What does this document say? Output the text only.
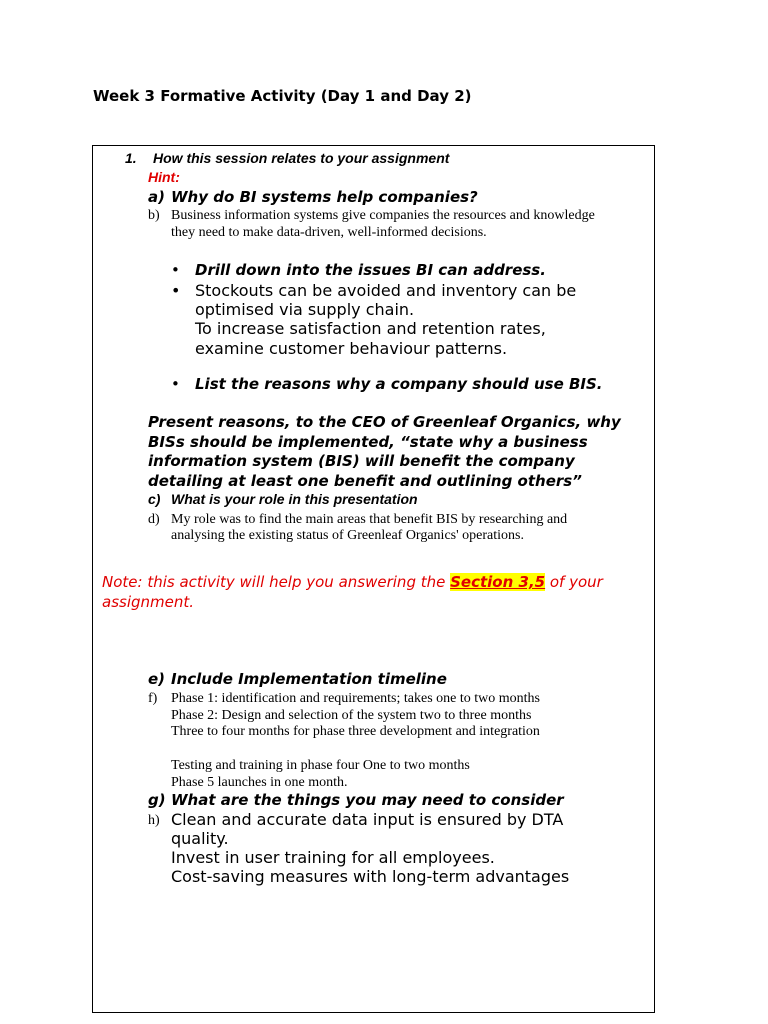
Week 3 Formative Activity (Day 1 and Day 2)
1. How this session relates to your assignment
Hint:
a) Why do BI systems help companies?
b) Business information systems give companies the resources and knowledge
they need to make data-driven, well-informed decisions.
• Drill down into the issues BI can address.
• Stockouts can be avoided and inventory can be
optimised via supply chain.
To increase satisfaction and retention rates,
examine customer behaviour patterns.
• List the reasons why a company should use BIS.
Present reasons, to the CEO of Greenleaf Organics, why
BISs should be implemented, “state why a business
information system (BIS) will benefit the company
detailing at least one benefit and outlining others”
c) What is your role in this presentation
d) My role was to find the main areas that benefit BIS by researching and
analysing the existing status of Greenleaf Organics' operations.
Note: this activity will help you answering the Section 3,5 of your
assignment.
e) Include Implementation timeline
f) Phase 1: identification and requirements; takes one to two months
Phase 2: Design and selection of the system two to three months
Three to four months for phase three development and integration
Testing and training in phase four One to two months
Phase 5 launches in one month.
g) What are the things you may need to consider
h) Clean and accurate data input is ensured by DTA
quality.
Invest in user training for all employees.
Cost-saving measures with long-term advantages
